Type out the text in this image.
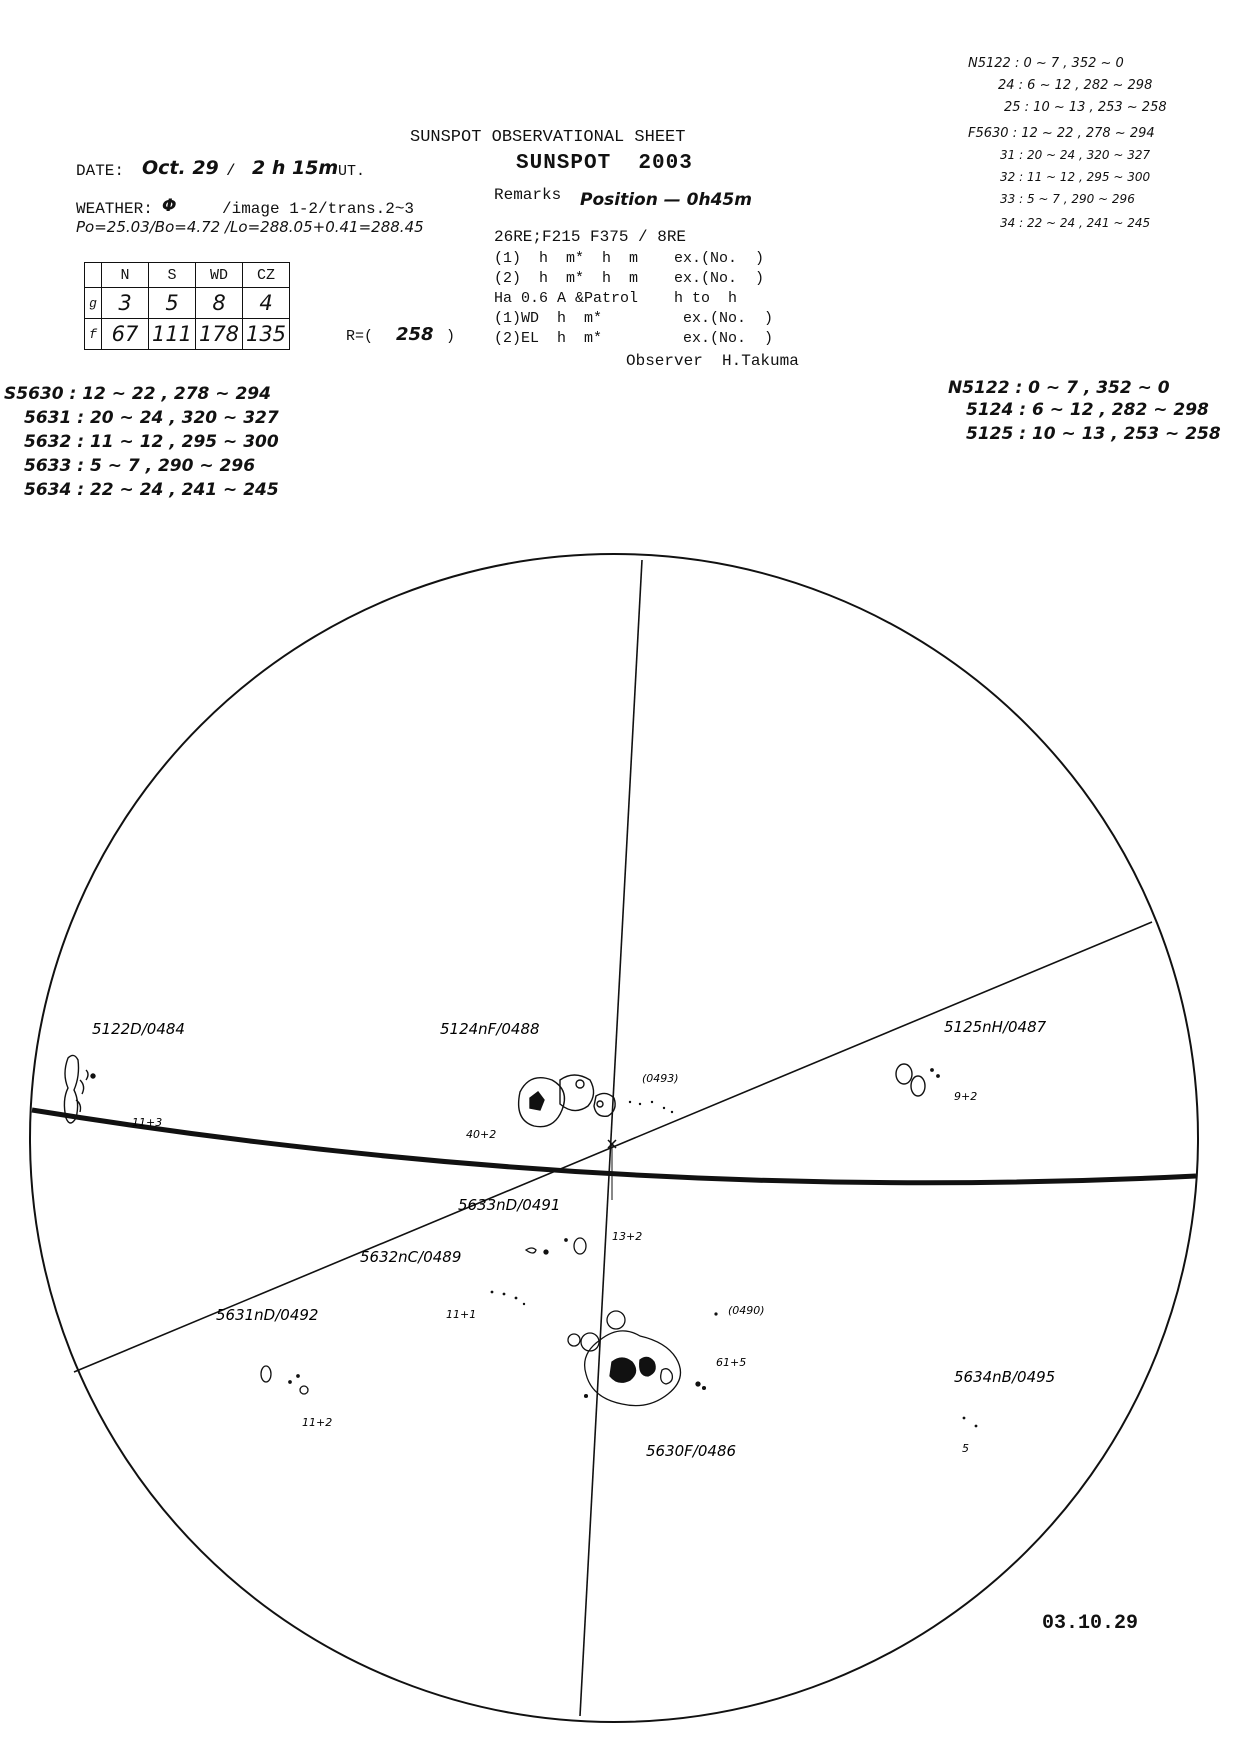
SUNSPOT OBSERVATIONAL SHEET
SUNSPOT  2003
DATE: Oct. 29 / 2 h 15m UT.
Remarks Position — 0h45m
WEATHER: Φ	/image 1-2/trans.2~3
Po=25.03/Bo=4.72 /Lo=288.05+0.41=288.45
26RE;F215 F375 / 8RE
(1)  h  m*  h  m    ex.(No.  )
(2)  h  m*  h  m    ex.(No.  )
Ha 0.6 A &Patrol    h to  h
(1)WD  h  m*         ex.(No.  )
(2)EL  h  m*         ex.(No.  )
Observer  H.Takuma
R=( 258 )
	N	S	WD	CZ
g	3	5	8	4
f	67	111	178	135
N5122 : 0 ~ 7 , 352 ~ 0
24 : 6 ~ 12 , 282 ~ 298
25 : 10 ~ 13 , 253 ~ 258
F5630 : 12 ~ 22 , 278 ~ 294
31 : 20 ~ 24 , 320 ~ 327
32 : 11 ~ 12 , 295 ~ 300
33 : 5 ~ 7 , 290 ~ 296
34 : 22 ~ 24 , 241 ~ 245
S5630 : 12 ~ 22 , 278 ~ 294
5631 : 20 ~ 24 , 320 ~ 327
5632 : 11 ~ 12 , 295 ~ 300
5633 : 5 ~ 7 , 290 ~ 296
5634 : 22 ~ 24 , 241 ~ 245
N5122 : 0 ~ 7 , 352 ~ 0
5124 : 6 ~ 12 , 282 ~ 298
5125 : 10 ~ 13 , 253 ~ 258
5122D/0484
11+3
5124nF/0488
40+2
(0493)
5125nH/0487
9+2
5633nD/0491
13+2
5632nC/0489
11+1
5631nD/0492
11+2
(0490)
61+5
5630F/0486
5634nB/0495
5
03.10.29
